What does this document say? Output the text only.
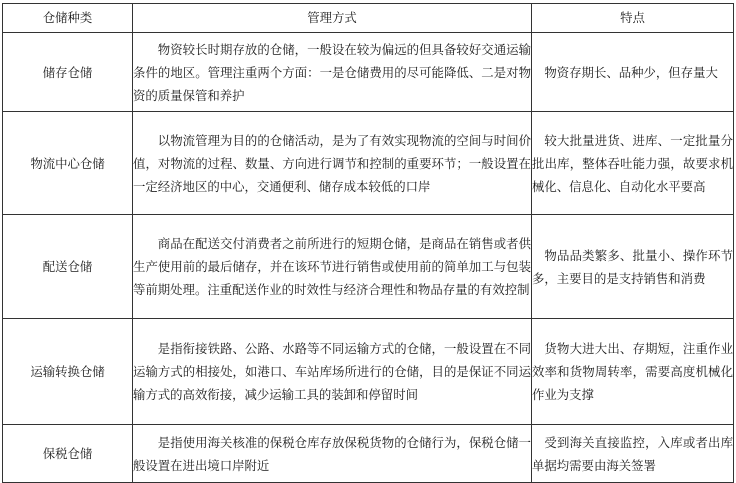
仓储种类	管理方式	特点
储存仓储	物资较长时期存放的仓储，一般设在较为偏远的但具备较好交通运输条件的地区。管理注重两个方面：一是仓储费用的尽可能降低、二是对物资的质量保管和养护	物资存期长、品种少，但存量大
物流中心仓储	以物流管理为目的的仓储活动，是为了有效实现物流的空间与时间价值，对物流的过程、数量、方向进行调节和控制的重要环节；一般设置在一定经济地区的中心，交通便利、储存成本较低的口岸	较大批量进货、进库、一定批量分批出库，整体吞吐能力强，故要求机械化、信息化、自动化水平要高
配送仓储	商品在配送交付消费者之前所进行的短期仓储，是商品在销售或者供生产使用前的最后储存，并在该环节进行销售或使用前的简单加工与包装等前期处理。注重配送作业的时效性与经济合理性和物品存量的有效控制	物品品类繁多、批量小、操作环节多，主要目的是支持销售和消费
运输转换仓储	是指衔接铁路、公路、水路等不同运输方式的仓储，一般设置在不同运输方式的相接处，如港口、车站库场所进行的仓储，目的是保证不同运输方式的高效衔接，减少运输工具的装卸和停留时间	货物大进大出、存期短，注重作业效率和货物周转率，需要高度机械化作业为支撑
保税仓储	是指使用海关核准的保税仓库存放保税货物的仓储行为，保税仓储一般设置在进出境口岸附近	受到海关直接监控，入库或者出库单据均需要由海关签署
